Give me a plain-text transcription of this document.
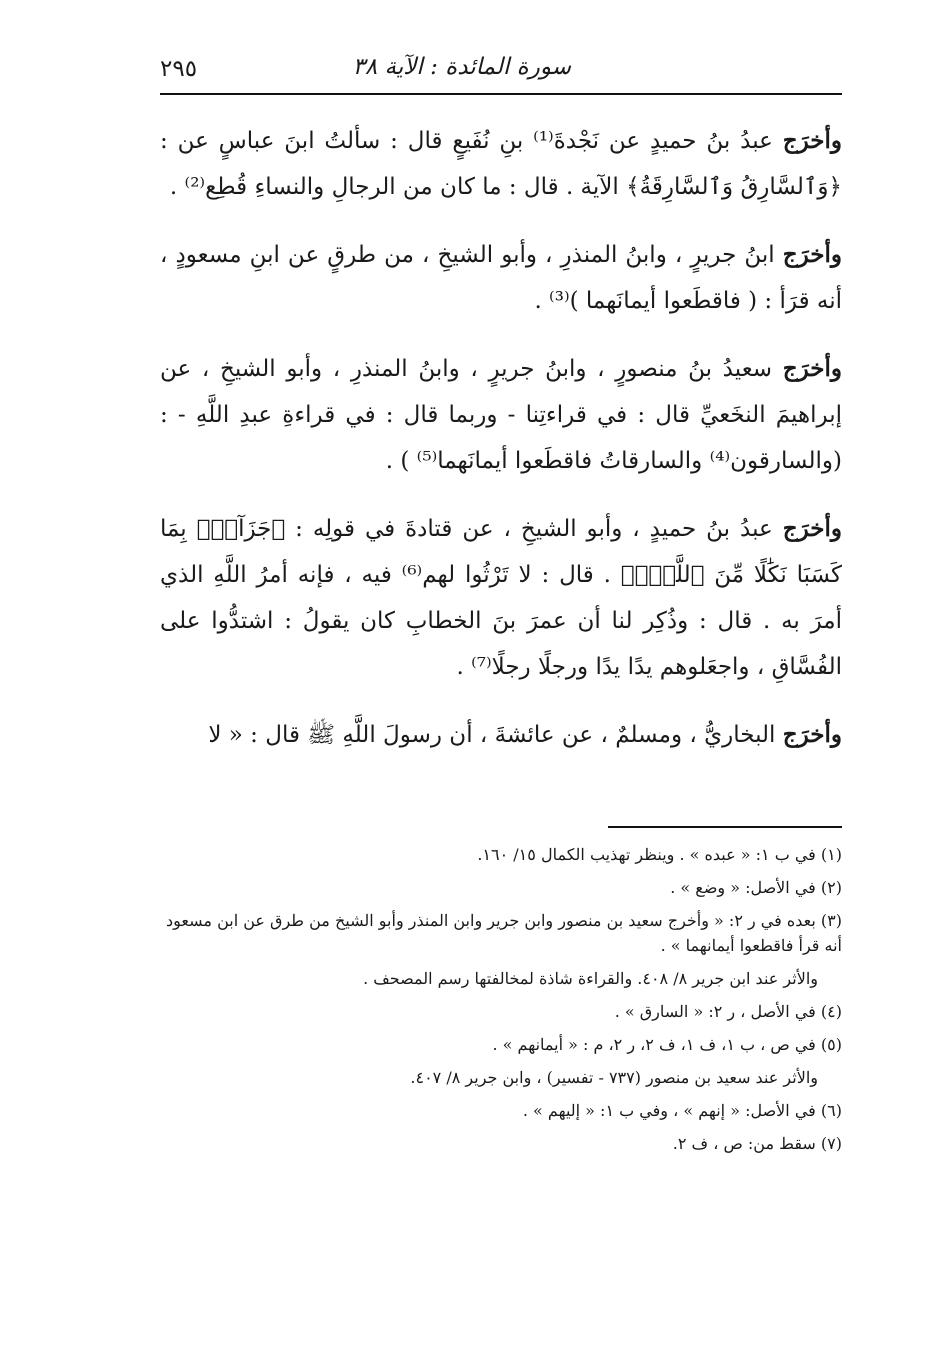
سورة المائدة : الآية ٣٨
٢٩٥

وأخرَج عبدُ بنُ حميدٍ عن نَجْدةَ⁽¹⁾ بنِ نُفَيعٍ قال : سألتُ ابنَ عباسٍ عن : ﴿وَٱلسَّارِقُ وَٱلسَّارِقَةُ﴾ الآية . قال : ما كان من الرجالِ والنساءِ قُطِع⁽²⁾ .

وأخرَج ابنُ جريرٍ ، وابنُ المنذرِ ، وأبو الشيخِ ، من طرقٍ عن ابنِ مسعودٍ ، أنه قرَأ : ( فاقطَعوا أيمانَهما )⁽³⁾ .

وأخرَج سعيدُ بنُ منصورٍ ، وابنُ جريرٍ ، وابنُ المنذرِ ، وأبو الشيخِ ، عن إبراهيمَ النخَعيِّ قال : في قراءتِنا - وربما قال : في قراءةِ عبدِ اللَّهِ - : (والسارقون⁽⁴⁾ والسارقاتُ فاقطَعوا أيمانَهما⁽⁵⁾ ) .

وأخرَج عبدُ بنُ حميدٍ ، وأبو الشيخِ ، عن قتادةَ في قولِه : ﴿جَزَآءَۢ بِمَا كَسَبَا نَكَٰلًا مِّنَ ٱللَّهِۗ﴾ . قال : لا تَرْثُوا لهم⁽⁶⁾ فيه ، فإنه أمرُ اللَّهِ الذي أمرَ به . قال : وذُكِر لنا أن عمرَ بنَ الخطابِ كان يقولُ : اشتدُّوا على الفُسَّاقِ ، واجعَلوهم يدًا يدًا ورجلًا رجلًا⁽⁷⁾ .

وأخرَج البخاريُّ ، ومسلمٌ ، عن عائشةَ ، أن رسولَ اللَّهِ ﷺ قال : « لا

(١) في ب ١: « عبده » . وينظر تهذيب الكمال ١٥/ ١٦٠.

(٢) في الأصل: « وضع » .

(٣) بعده في ر ٢: « وأخرج سعيد بن منصور وابن جرير وابن المنذر وأبو الشيخ من طرق عن ابن مسعود أنه قرأ فاقطعوا أيمانهما » .

والأثر عند ابن جرير ٨/ ٤٠٨. والقراءة شاذة لمخالفتها رسم المصحف .

(٤) في الأصل ، ر ٢: « السارق » .

(٥) في ص ، ب ١، ف ١، ف ٢، ر ٢، م : « أيمانهم » .

والأثر عند سعيد بن منصور (٧٣٧ - تفسير) ، وابن جرير ٨/ ٤٠٧.

(٦) في الأصل: « إنهم » ، وفي ب ١: « إليهم » .

(٧) سقط من: ص ، ف ٢.
